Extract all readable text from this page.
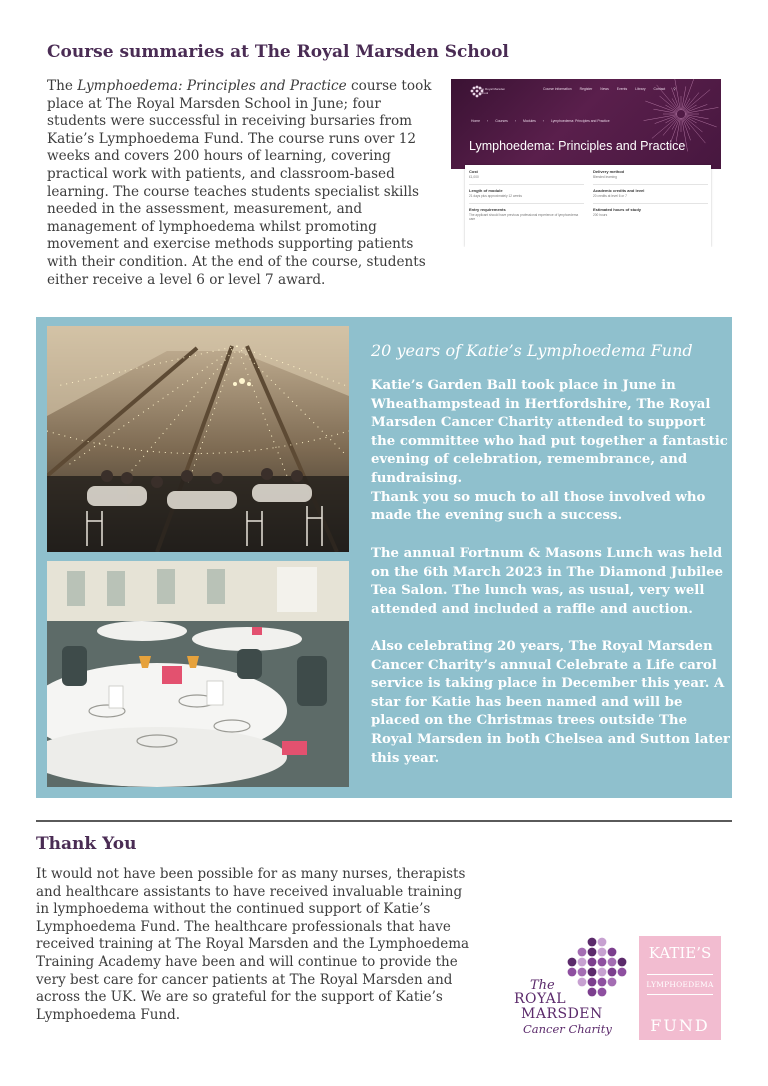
Course summaries at The Royal Marsden School

The Lymphoedema: Principles and Practice course took place at The Royal Marsden School in June; four students were successful in receiving bursaries from Katie’s Lymphoedema Fund. The course runs over 12 weeks and covers 200 hours of learning, covering practical work with patients, and classroom-based learning. The course teaches students specialist skills needed in the assessment, measurement, and management of lymphoedema whilst promoting movement and exercise methods supporting patients with their condition. At the end of the course, students either receive a level 6 or level 7 award.

The Royal Marsden School
Course information Register News Events Library Contact ⚲
Home › Courses › Modules › Lymphoedema: Principles and Practice
Lymphoedema: Principles and Practice
Cost
£1,000
Delivery method
Blended learning
Length of module
21 days plus approximately 12 weeks
Academic credits and level
20 credits at level 6 or 7
Entry requirements
The applicant should have previous professional experience of lymphoedema care
Estimated hours of study
200 hours
20 years of Katie’s Lymphoedema Fund

Katie’s Garden Ball took place in June in Wheathampstead in Hertfordshire, The Royal Marsden Cancer Charity attended to support the committee who had put together a fantastic evening of celebration, remembrance, and fundraising.
Thank you so much to all those involved who made the evening such a success.

The annual Fortnum & Masons Lunch was held on the 6th March 2023 in The Diamond Jubilee Tea Salon. The lunch was, as usual, very well attended and included a raffle and auction.

Also celebrating 20 years, The Royal Marsden Cancer Charity’s annual Celebrate a Life carol service is taking place in December this year. A star for Katie has been named and will be placed on the Christmas trees outside The Royal Marsden in both Chelsea and Sutton later this year.

Thank You

It would not have been possible for as many nurses, therapists and healthcare assistants to have received invaluable training in lymphoedema without the continued support of Katie’s Lymphoedema Fund. The healthcare professionals that have received training at The Royal Marsden and the Lymphoedema Training Academy have been and will continue to provide the very best care for cancer patients at The Royal Marsden and across the UK. We are so grateful for the support of Katie’s Lymphoedema Fund.

The
ROYAL
MARSDEN
Cancer Charity
KATIE’S
LYMPHOEDEMA
FUND
